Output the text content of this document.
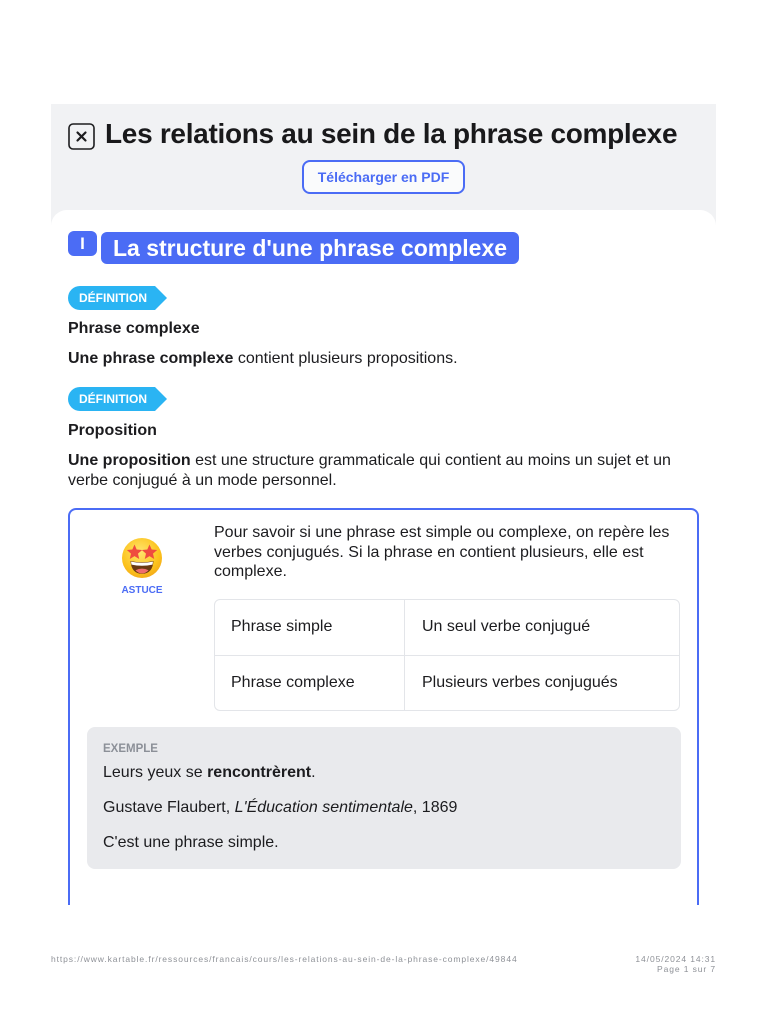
Les relations au sein de la phrase complexe
Télécharger en PDF
I	La structure d'une phrase complexe
DÉFINITION
Phrase complexe

Une phrase complexe contient plusieurs propositions.

DÉFINITION
Proposition

Une proposition est une structure grammaticale qui contient au moins un sujet et un verbe conjugué à un mode personnel.

ASTUCE

Pour savoir si une phrase est simple ou complexe, on repère les verbes conjugués. Si la phrase en contient plusieurs, elle est complexe.

Phrase simple	Un seul verbe conjugué
Phrase complexe	Plusieurs verbes conjugués
EXEMPLE
Leurs yeux se rencontrèrent.
Gustave Flaubert, L'Éducation sentimentale, 1869
C'est une phrase simple.
https://www.kartable.fr/ressources/francais/cours/les-relations-au-sein-de-la-phrase-complexe/49844	14/05/2024 14:31
Page 1 sur 7
